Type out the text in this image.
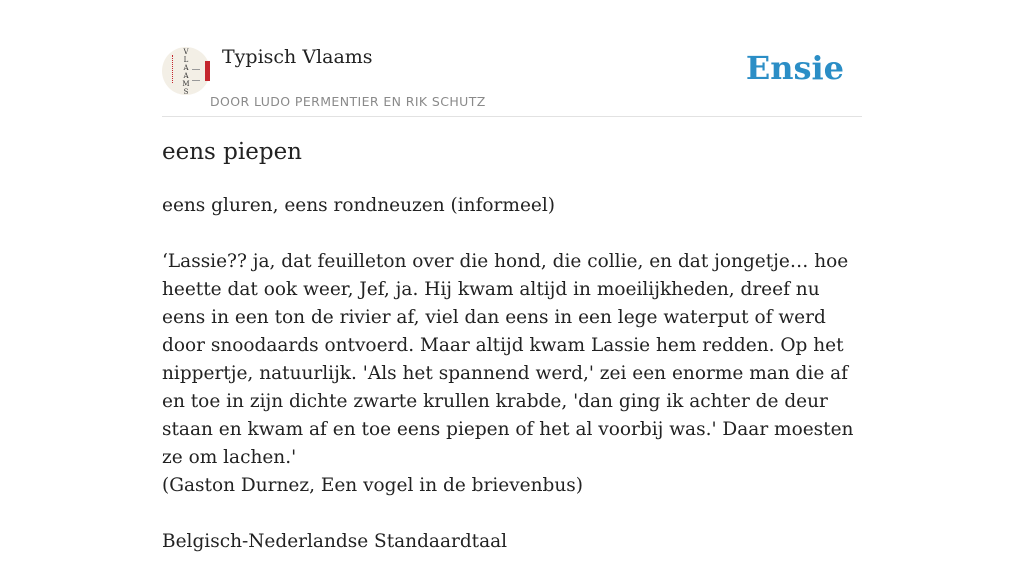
V
L
A
A
M
S
Typisch Vlaams
DOOR LUDO PERMENTIER EN RIK SCHUTZ
Ensie
eens piepen

eens gluren, eens rondneuzen (informeel)

‘Lassie?? ja, dat feuilleton over die hond, die collie, en dat jongetje… hoe heette dat ook weer, Jef, ja. Hij kwam altijd in moeilijkheden, dreef nu eens in een ton de rivier af, viel dan eens in een lege waterput of werd door snoodaards ontvoerd. Maar altijd kwam Lassie hem redden. Op het nippertje, natuurlijk. 'Als het spannend werd,' zei een enorme man die af en toe in zijn dichte zwarte krullen krabde, 'dan ging ik achter de deur staan en kwam af en toe eens piepen of het al voorbij was.' Daar moesten ze om lachen.'

(Gaston Durnez, Een vogel in de brievenbus)

Belgisch-Nederlandse Standaardtaal
